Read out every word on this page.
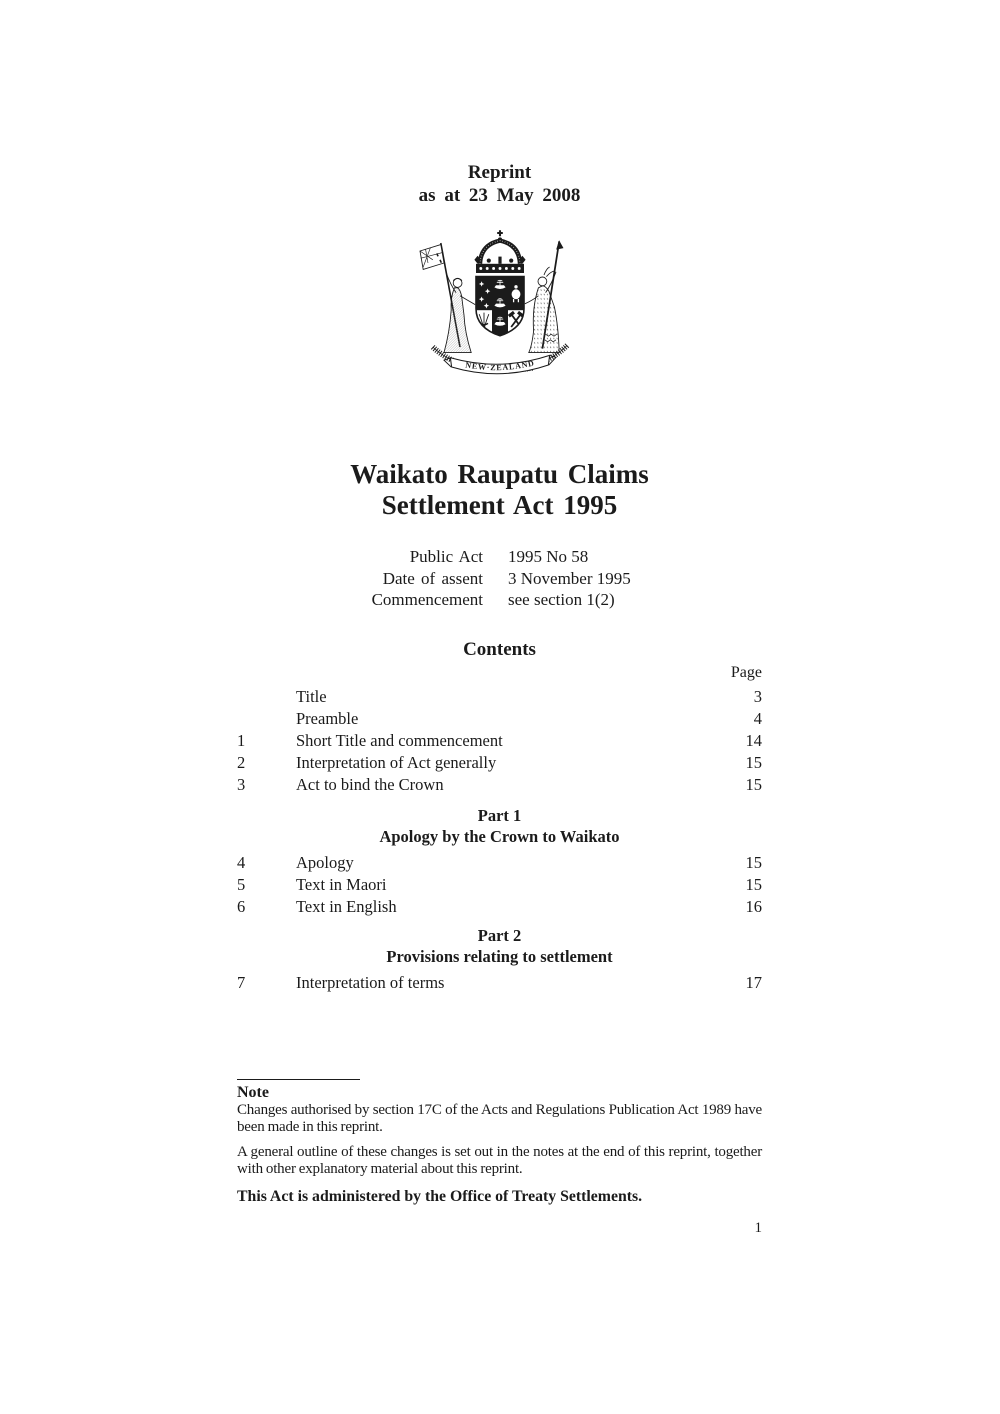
Reprint
as at 23 May 2008
NEW·ZEALAND
Waikato Raupatu Claims
Settlement Act 1995
Public Act 1995 No 58
Date of assent 3 November 1995
Commencement see section 1(2)
Contents
Page
Title	3
Preamble	4
1	Short Title and commencement	14
2	Interpretation of Act generally	15
3	Act to bind the Crown	15
Part 1
Apology by the Crown to Waikato
4	Apology	15
5	Text in Maori	15
6	Text in English	16
Part 2
Provisions relating to settlement
7	Interpretation of terms	17
Note

Changes authorised by section 17C of the Acts and Regulations Publication Act 1989 have been made in this reprint.

A general outline of these changes is set out in the notes at the end of this reprint, together with other explanatory material about this reprint.

This Act is administered by the Office of Treaty Settlements.

1
